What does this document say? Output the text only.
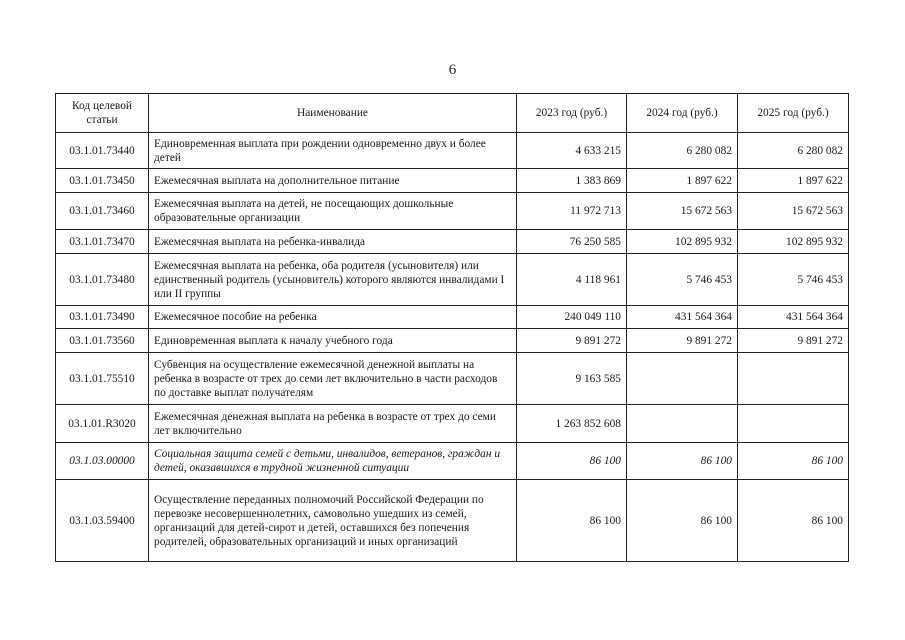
6
Код целевой статьи	Наименование	2023 год (руб.)	2024 год (руб.)	2025 год (руб.)
03.1.01.73440	Единовременная выплата при рождении одновременно двух и более детей	4 633 215	6 280 082	6 280 082
03.1.01.73450	Ежемесячная выплата на дополнительное питание	1 383 869	1 897 622	1 897 622
03.1.01.73460	Ежемесячная выплата на детей, не посещающих дошкольные образовательные организации	11 972 713	15 672 563	15 672 563
03.1.01.73470	Ежемесячная выплата на ребенка-инвалида	76 250 585	102 895 932	102 895 932
03.1.01.73480	Ежемесячная выплата на ребенка, оба родителя (усыновителя) или единственный родитель (усыновитель) которого являются инвалидами I или II группы	4 118 961	5 746 453	5 746 453
03.1.01.73490	Ежемесячное пособие на ребенка	240 049 110	431 564 364	431 564 364
03.1.01.73560	Единовременная выплата к началу учебного года	9 891 272	9 891 272	9 891 272
03.1.01.75510	Субвенция на осуществление ежемесячной денежной выплаты на ребенка в возрасте от трех до семи лет включительно в части расходов по доставке выплат получателям	9 163 585		
03.1.01.R3020	Ежемесячная денежная выплата на ребенка в возрасте от трех до семи лет включительно	1 263 852 608		
03.1.03.00000	Социальная защита семей с детьми, инвалидов, ветеранов, граждан и детей, оказавшихся в трудной жизненной ситуации	86 100	86 100	86 100
03.1.03.59400	Осуществление переданных полномочий Российской Федерации по перевозке несовершеннолетних, самовольно ушедших из семей, организаций для детей-сирот и детей, оставшихся без попечения родителей, образовательных организаций и иных организаций	86 100	86 100	86 100
